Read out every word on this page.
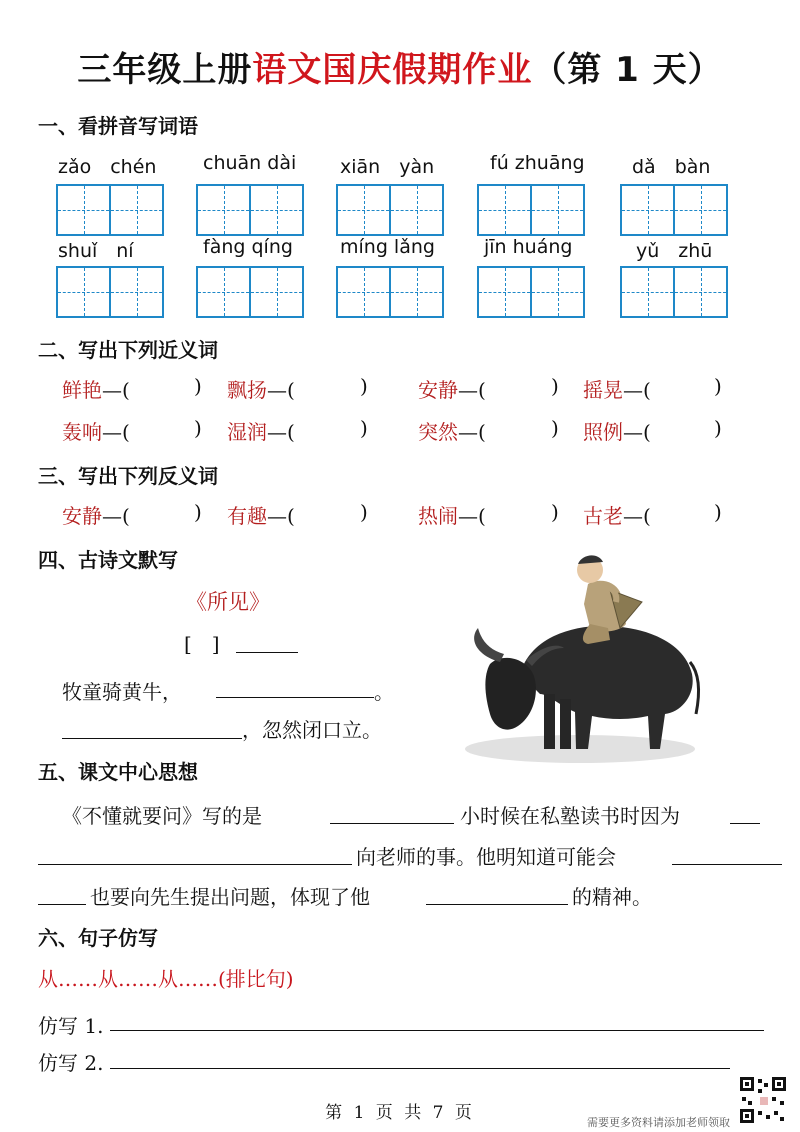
三年级上册语文国庆假期作业（第 1 天）
一、看拼音写词语
zǎo　chén chuān dài xiān　yàn	fú zhuāng dǎ　bàn
shuǐ　ní	fàng qíng míng lǎng	jīn huáng	yǔ　zhū
二、写出下列近义词
鲜艳—(	) 飘扬—(	)	安静—(	) 摇晃—(	)
轰响—(	) 湿润—(	)	突然—(	) 照例—(	)
三、写出下列反义词
安静—(	) 有趣—(	)	热闹—(	) 古老—(	)
四、古诗文默写
《所见》
[　]
牧童骑黄牛，	。
，忽然闭口立。
五、课文中心思想
《不懂就要问》写的是	小时候在私塾读书时因为
向老师的事。他明知道可能会
也要向先生提出问题，体现了他	的精神。
六、句子仿写
从……从……从……(排比句)
仿写 1.
仿写 2.
第 1 页 共 7 页	需要更多资料请添加老师领取
